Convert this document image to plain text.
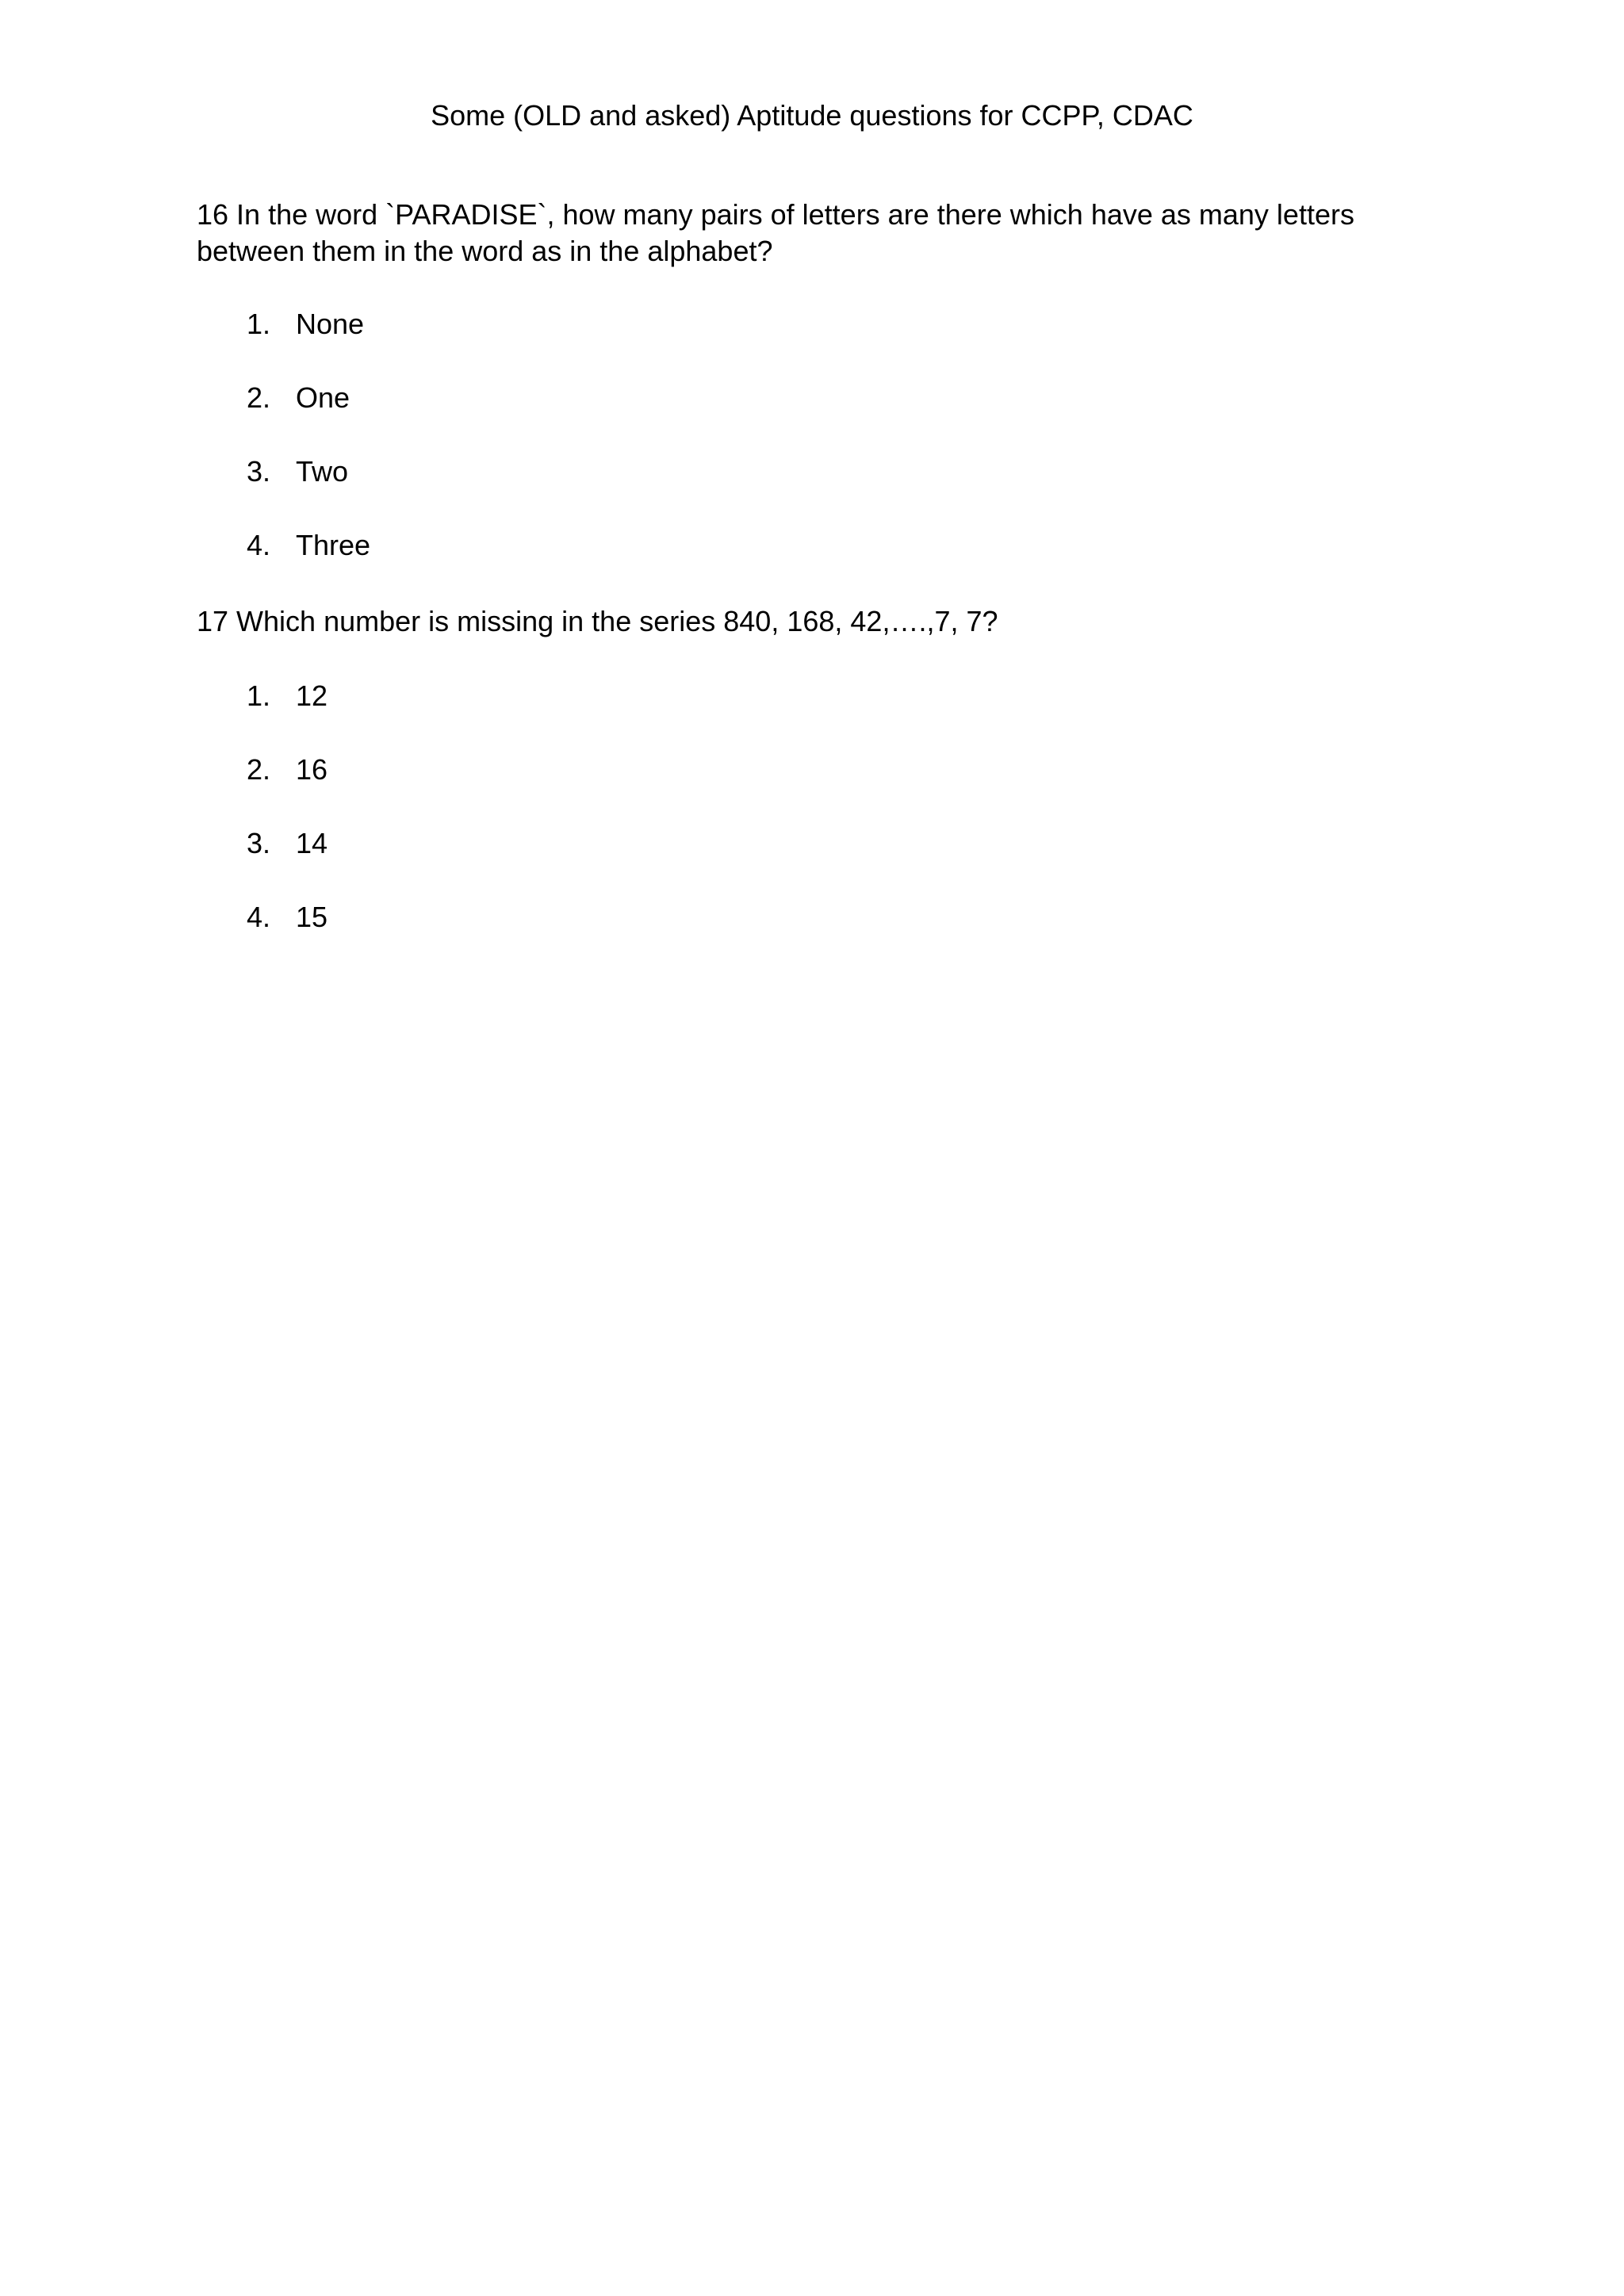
Some (OLD and asked) Aptitude questions for CCPP, CDAC

16 In the word `PARADISE`, how many pairs of letters are there which have as many letters between them in the word as in the alphabet?

1. None
2. One
3. Two
4. Three

17 Which number is missing in the series 840, 168, 42,….,7, 7?

1. 12
2. 16
3. 14
4. 15
